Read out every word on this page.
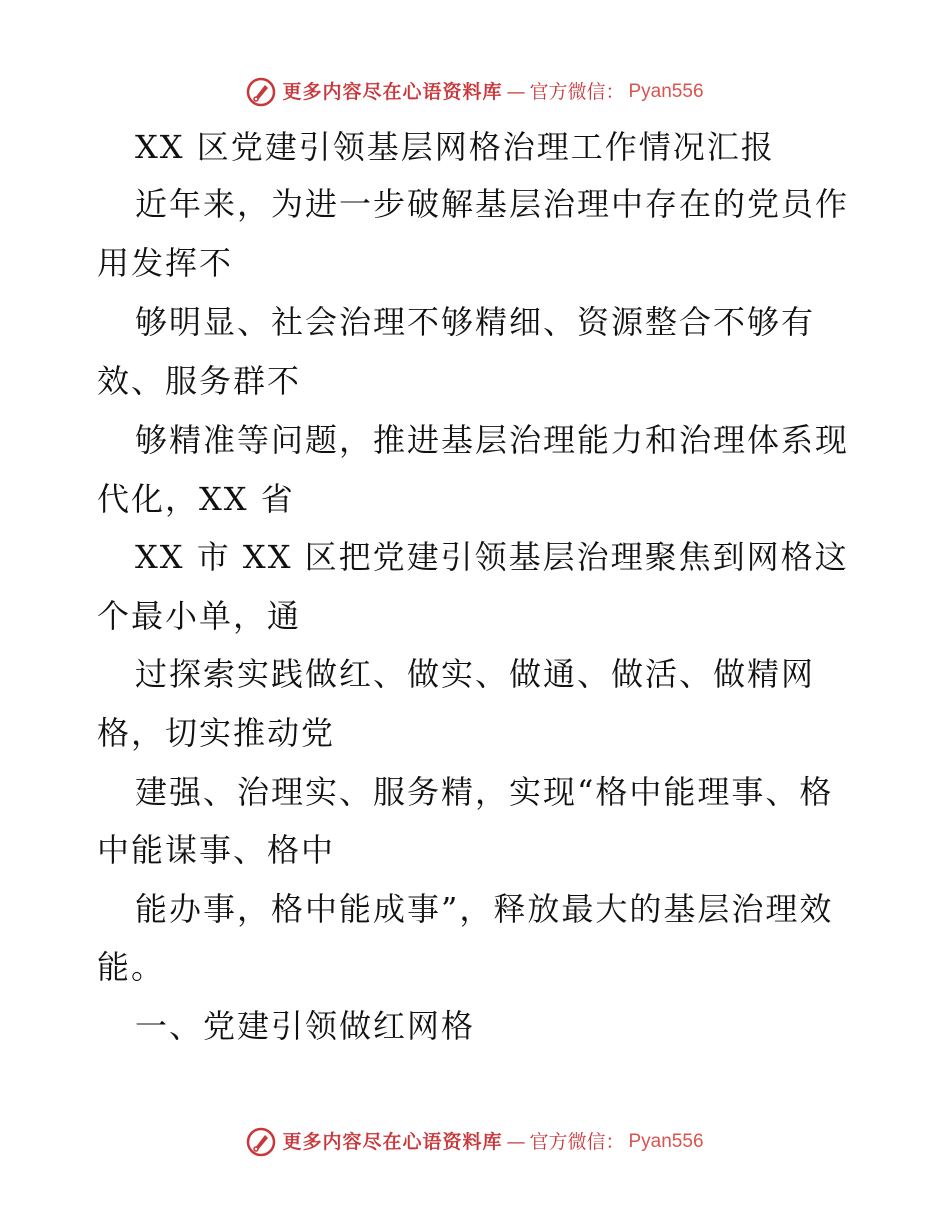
更多内容尽在心语资料库 — 官方微信： Pyan556
XX 区党建引领基层网格治理工作情况汇报
近年来，为进一步破解基层治理中存在的党员作
用发挥不
够明显、社会治理不够精细、资源整合不够有
效、服务群不
够精准等问题，推进基层治理能力和治理体系现
代化，XX 省
XX 市 XX 区把党建引领基层治理聚焦到网格这
个最小单，通
过探索实践做红、做实、做通、做活、做精网
格，切实推动党
建强、治理实、服务精，实现“格中能理事、格
中能谋事、格中
能办事，格中能成事”，释放最大的基层治理效
能。
一、党建引领做红网格
更多内容尽在心语资料库 — 官方微信： Pyan556
